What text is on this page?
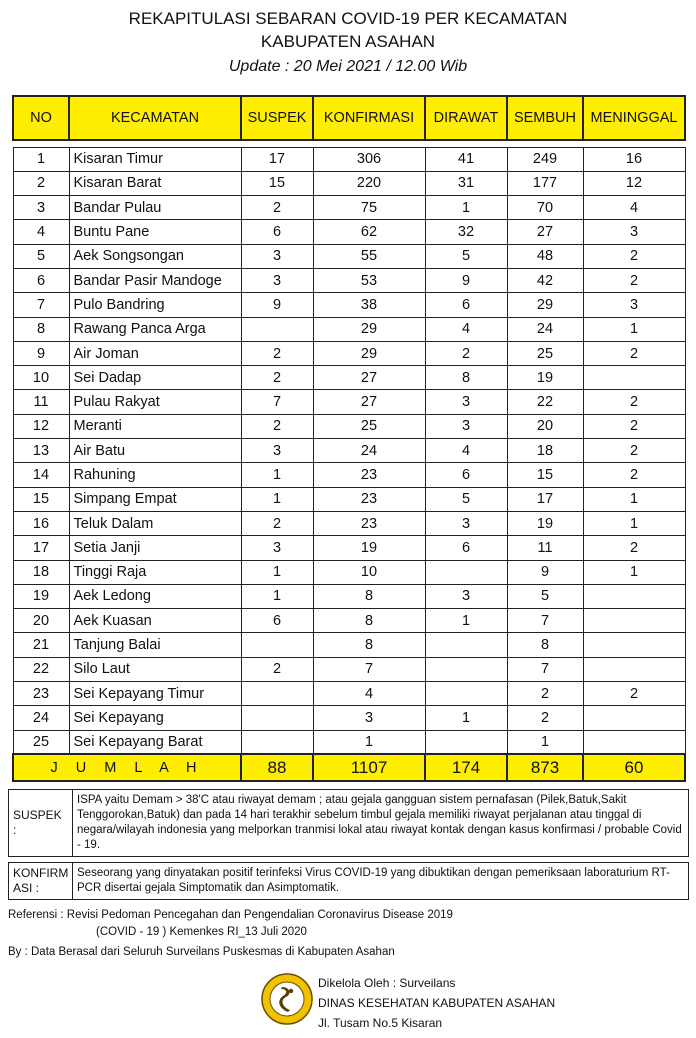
REKAPITULASI SEBARAN COVID-19 PER KECAMATAN
KABUPATEN ASAHAN
Update : 20 Mei 2021 / 12.00 Wib
NO	KECAMATAN	SUSPEK	KONFIRMASI	DIRAWAT	SEMBUH	MENINGGAL

1	Kisaran Timur	17	306	41	249	16
2	Kisaran Barat	15	220	31	177	12
3	Bandar Pulau	2	75	1	70	4
4	Buntu Pane	6	62	32	27	3
5	Aek Songsongan	3	55	5	48	2
6	Bandar Pasir Mandoge	3	53	9	42	2
7	Pulo Bandring	9	38	6	29	3
8	Rawang Panca Arga		29	4	24	1
9	Air Joman	2	29	2	25	2
10	Sei Dadap	2	27	8	19	
11	Pulau Rakyat	7	27	3	22	2
12	Meranti	2	25	3	20	2
13	Air Batu	3	24	4	18	2
14	Rahuning	1	23	6	15	2
15	Simpang Empat	1	23	5	17	1
16	Teluk Dalam	2	23	3	19	1
17	Setia Janji	3	19	6	11	2
18	Tinggi Raja	1	10		9	1
19	Aek Ledong	1	8	3	5	
20	Aek Kuasan	6	8	1	7	
21	Tanjung Balai		8		8	
22	Silo Laut	2	7		7	
23	Sei Kepayang Timur		4		2	2
24	Sei Kepayang		3	1	2	
25	Sei Kepayang Barat		1		1	
J U M L A H		88	1107	174	873	60
SUSPEK :	ISPA yaitu Demam > 38'C atau riwayat demam ; atau gejala gangguan sistem pernafasan (Pilek,Batuk,Sakit Tenggorokan,Batuk) dan pada 14 hari terakhir sebelum timbul gejala memiliki riwayat perjalanan atau tinggal di negara/wilayah indonesia yang melporkan tranmisi lokal atau riwayat kontak dengan kasus konfirmasi / probable Covid - 19.

KONFIRM
ASI :	Seseorang yang dinyatakan positif terinfeksi Virus COVID-19 yang dibuktikan dengan pemeriksaan laboraturium RT-PCR disertai gejala Simptomatik dan Asimptomatik.
Referensi : Revisi Pedoman Pencegahan dan Pengendalian Coronavirus Disease 2019
(COVID - 19 ) Kemenkes RI_13 Juli 2020
By : Data Berasal dari Seluruh Surveilans Puskesmas di Kabupaten Asahan
Dikelola Oleh : Surveilans
DINAS KESEHATAN KABUPATEN ASAHAN
Jl. Tusam No.5 Kisaran
